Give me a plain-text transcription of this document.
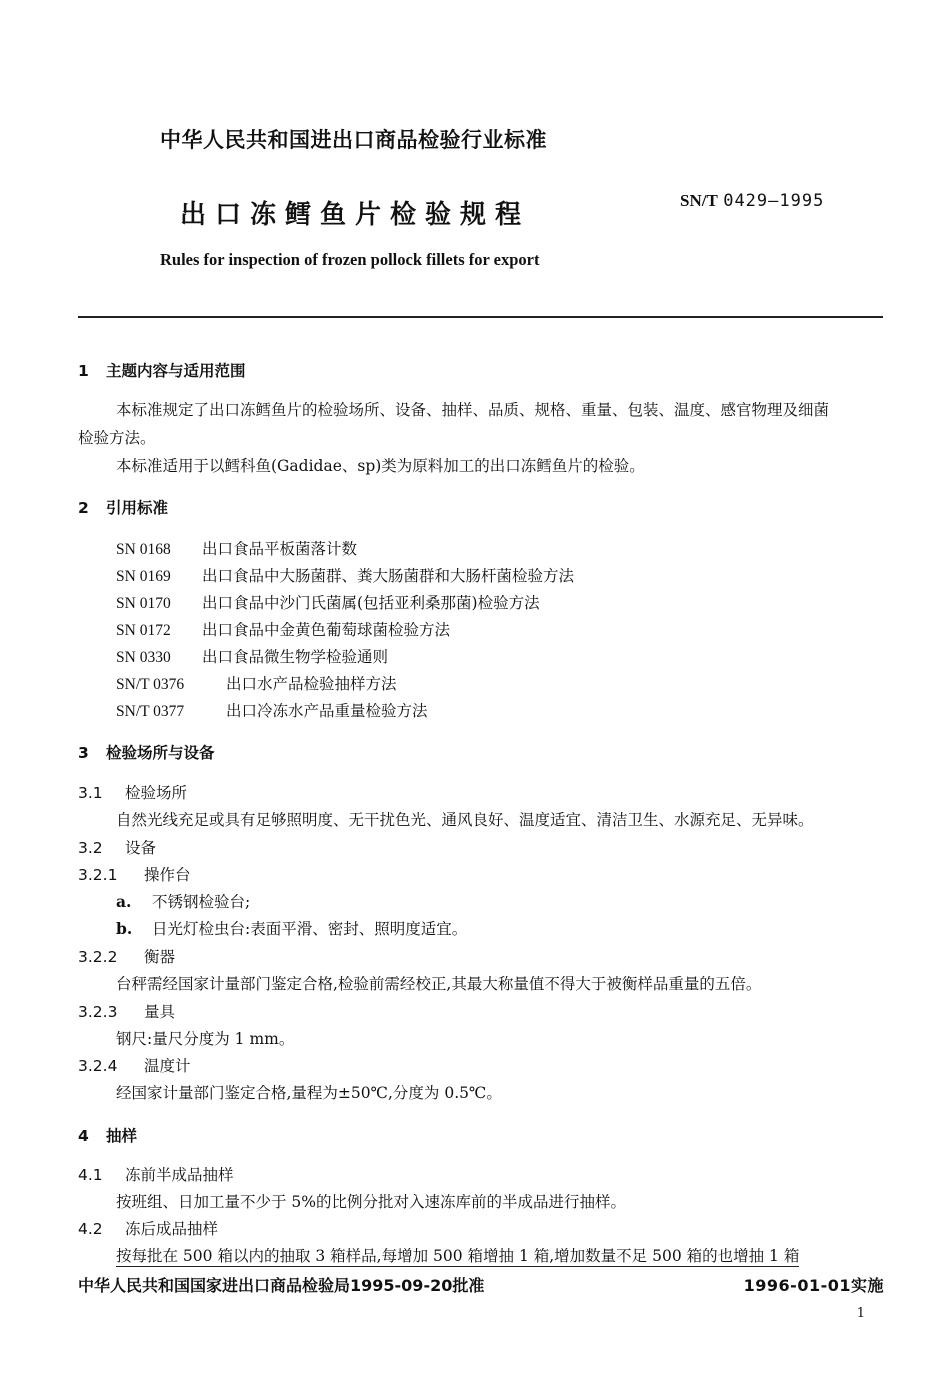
中华人民共和国进出口商品检验行业标准
出口冻鳕鱼片检验规程	SN/T 0429—1995
Rules for inspection of frozen pollock fillets for export
1 主题内容与适用范围
本标准规定了出口冻鳕鱼片的检验场所、设备、抽样、品质、规格、重量、包装、温度、感官物理及细菌
检验方法。
本标准适用于以鳕科鱼(Gadidae、sp)类为原料加工的出口冻鳕鱼片的检验。
2 引用标准
SN 0168 出口食品平板菌落计数
SN 0169 出口食品中大肠菌群、粪大肠菌群和大肠杆菌检验方法
SN 0170 出口食品中沙门氏菌属(包括亚利桑那菌)检验方法
SN 0172 出口食品中金黄色葡萄球菌检验方法
SN 0330 出口食品微生物学检验通则
SN/T 0376	出口水产品检验抽样方法
SN/T 0377	出口冷冻水产品重量检验方法
3 检验场所与设备
3.1 检验场所
自然光线充足或具有足够照明度、无干扰色光、通风良好、温度适宜、清洁卫生、水源充足、无异味。
3.2 设备
3.2.1 操作台
a. 不锈钢检验台;
b. 日光灯检虫台:表面平滑、密封、照明度适宜。
3.2.2 衡器
台秤需经国家计量部门鉴定合格,检验前需经校正,其最大称量值不得大于被衡样品重量的五倍。
3.2.3 量具
钢尺:量尺分度为 1 mm。
3.2.4 温度计
经国家计量部门鉴定合格,量程为±50℃,分度为 0.5℃。
4 抽样
4.1 冻前半成品抽样
按班组、日加工量不少于 5%的比例分批对入速冻库前的半成品进行抽样。
4.2 冻后成品抽样
按每批在 500 箱以内的抽取 3 箱样品,每增加 500 箱增抽 1 箱,增加数量不足 500 箱的也增抽 1 箱
中华人民共和国国家进出口商品检验局1995-09-20批准	1996-01-01实施
1
